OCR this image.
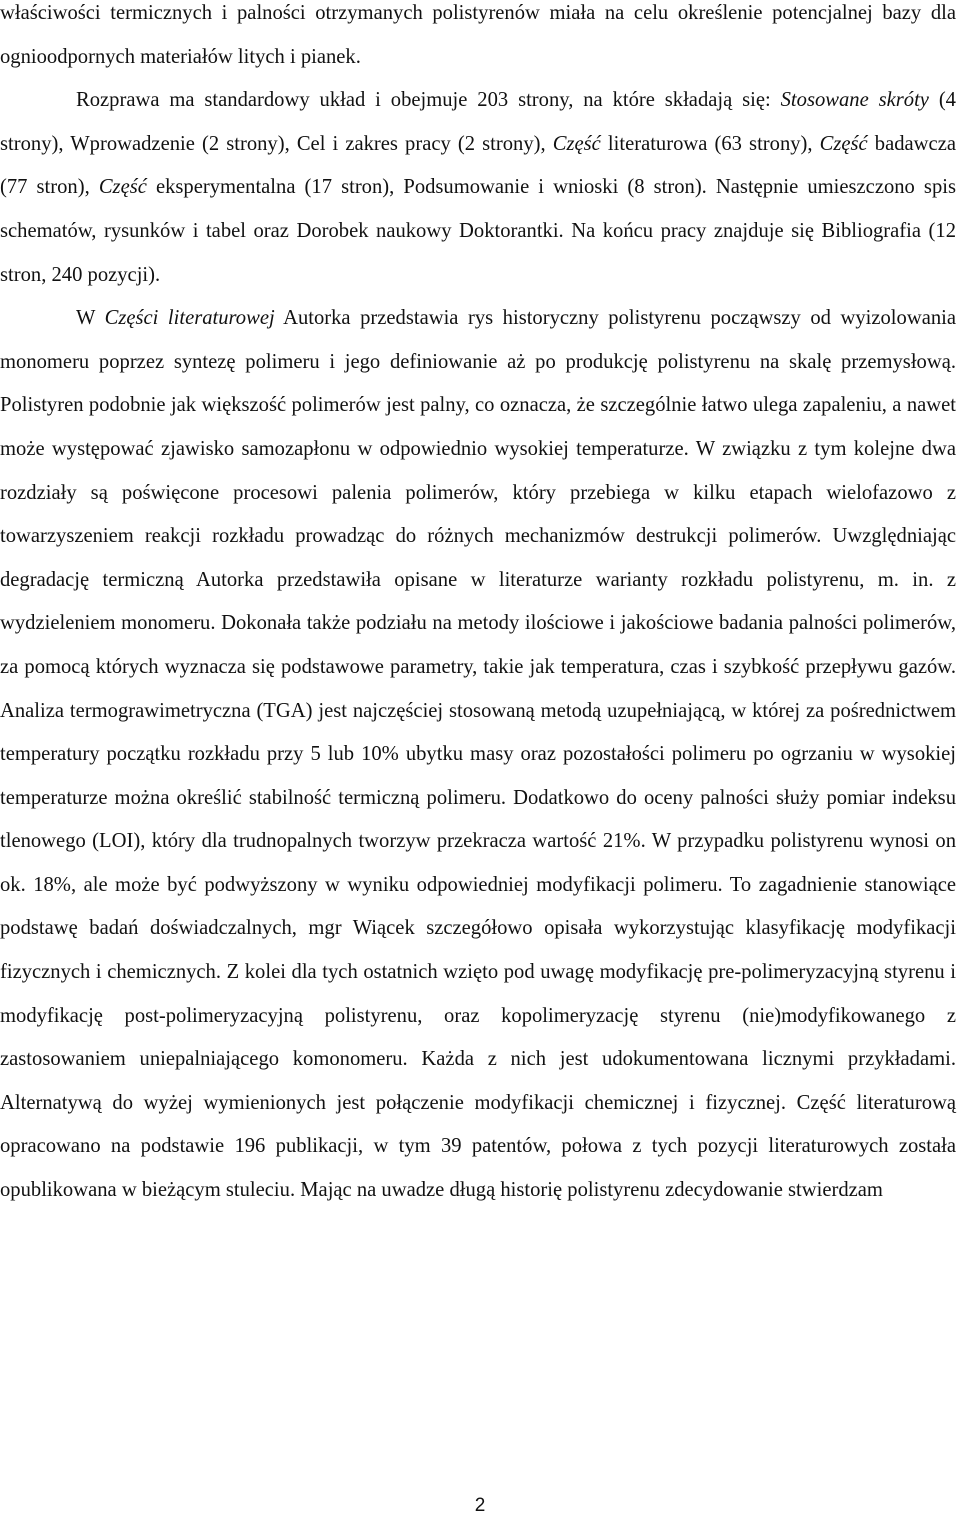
właściwości termicznych i palności otrzymanych polistyrenów miała na celu określenie potencjalnej bazy dla ognioodpornych materiałów litych i pianek.

Rozprawa ma standardowy układ i obejmuje 203 strony, na które składają się: Stosowane skróty (4 strony), Wprowadzenie (2 strony), Cel i zakres pracy (2 strony), Część literaturowa (63 strony), Część badawcza (77 stron), Część eksperymentalna (17 stron), Podsumowanie i wnioski (8 stron). Następnie umieszczono spis schematów, rysunków i tabel oraz Dorobek naukowy Doktorantki. Na końcu pracy znajduje się Bibliografia (12 stron, 240 pozycji).

W Części literaturowej Autorka przedstawia rys historyczny polistyrenu począwszy od wyizolowania monomeru poprzez syntezę polimeru i jego definiowanie aż po produkcję polistyrenu na skalę przemysłową. Polistyren podobnie jak większość polimerów jest palny, co oznacza, że szczególnie łatwo ulega zapaleniu, a nawet może występować zjawisko samozapłonu w odpowiednio wysokiej temperaturze. W związku z tym kolejne dwa rozdziały są poświęcone procesowi palenia polimerów, który przebiega w kilku etapach wielofazowo z towarzyszeniem reakcji rozkładu prowadząc do różnych mechanizmów destrukcji polimerów. Uwzględniając degradację termiczną Autorka przedstawiła opisane w literaturze warianty rozkładu polistyrenu, m. in. z wydzieleniem monomeru. Dokonała także podziału na metody ilościowe i jakościowe badania palności polimerów, za pomocą których wyznacza się podstawowe parametry, takie jak temperatura, czas i szybkość przepływu gazów. Analiza termograwimetryczna (TGA) jest najczęściej stosowaną metodą uzupełniającą, w której za pośrednictwem temperatury początku rozkładu przy 5 lub 10% ubytku masy oraz pozostałości polimeru po ogrzaniu w wysokiej temperaturze można określić stabilność termiczną polimeru. Dodatkowo do oceny palności służy pomiar indeksu tlenowego (LOI), który dla trudnopalnych tworzyw przekracza wartość 21%. W przypadku polistyrenu wynosi on ok. 18%, ale może być podwyższony w wyniku odpowiedniej modyfikacji polimeru. To zagadnienie stanowiące podstawę badań doświadczalnych, mgr Wiącek szczegółowo opisała wykorzystując klasyfikację modyfikacji fizycznych i chemicznych. Z kolei dla tych ostatnich wzięto pod uwagę modyfikację pre-polimeryzacyjną styrenu i modyfikację post-polimeryzacyjną polistyrenu, oraz kopolimeryzację styrenu (nie)modyfikowanego z zastosowaniem uniepalniającego komonomeru. Każda z nich jest udokumentowana licznymi przykładami. Alternatywą do wyżej wymienionych jest połączenie modyfikacji chemicznej i fizycznej. Część literaturową opracowano na podstawie 196 publikacji, w tym 39 patentów, połowa z tych pozycji literaturowych została opublikowana w bieżącym stuleciu. Mając na uwadze długą historię polistyrenu zdecydowanie stwierdzam

2
